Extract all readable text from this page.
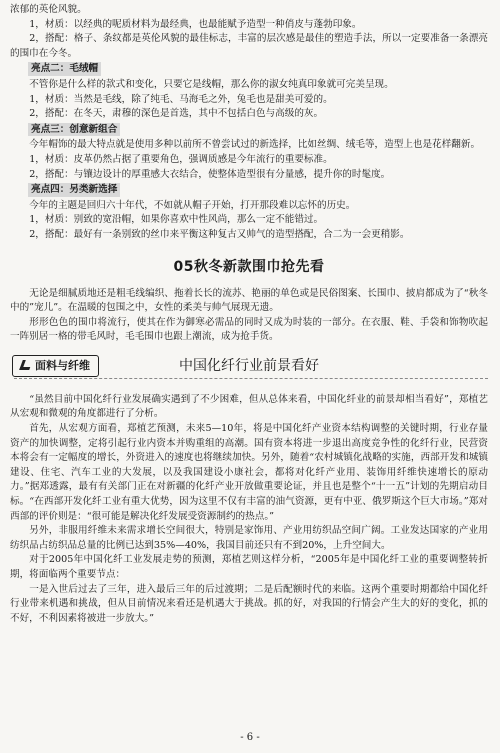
浓郁的英伦风貌。

1，材质：以经典的呢质材料为最经典，也最能赋予造型一种俏皮与蓬勃印象。

2，搭配：格子、条纹都是英伦风貌的最佳标志，丰富的层次感是最佳的塑造手法，所以一定要准备一条漂亮的围巾在今冬。

亮点二：毛绒帽

不管你是什么样的款式和变化，只要它是线帽，那么你的淑女纯真印象就可完美呈现。

1，材质：当然是毛线，除了纯毛、马海毛之外，兔毛也是甜美可爱的。

2，搭配：在冬天，肃穆的深色是首选，其中不包括白色与高级的灰。

亮点三：创意新组合

今年帽饰的最大特点就是使用多种以前所不曾尝试过的新选择，比如丝绸、绒毛等，造型上也是花样翻新。

1，材质：皮革仍然占据了重要角色，强调质感是今年流行的重要标准。

2，搭配：与镶边设计的厚重感大衣结合，使整体造型很有分量感，提升你的时髦度。

亮点四：另类新选择

今年的主题是回归六十年代，不如就从帽子开始，打开那段难以忘怀的历史。

1，材质：别致的宽沿帽，如果你喜欢中性风尚，那么一定不能错过。

2，搭配：最好有一条别致的丝巾来平衡这种复古又帅气的造型搭配，合二为一会更稍影。

05秋冬新款围巾抢先看

无论是细腻质地还是粗毛线编织、拖着长长的流苏、艳丽的单色或是民俗图案、长围巾、披肩都成为了“秋冬中的”宠儿”。在温暖的包围之中，女性的柔美与帅气展现无遗。

形形色色的围巾将流行，使其在作为御寒必需品的同时又成为时装的一部分。在衣服、鞋、手袋和饰物吹起一阵别居一格的带毛风时，毛毛围巾也跟上潮流，成为抢手货。

面料与纤维	中国化纤行业前景看好

“虽然目前中国化纤行业发展确实遇到了不少困难，但从总体来看，中国化纤业的前景却相当看好”，郑植艺从宏观和微观的角度都进行了分析。

首先，从宏观方面看，郑植艺预测，未来5—10年，将是中国化纤产业资本结构调整的关键时期，行业存量资产的加快调整，定将引起行业内资本并购重组的高潮。国有资本将进一步退出高度竞争性的化纤行业，民营资本将会有一定幅度的增长，外资进入的速度也将继续加快。另外，随着“农村城镇化战略的实施，西部开发和城镇建设、住宅、汽车工业的大发展，以及我国建设小康社会，都将对化纤产业用、装饰用纤维快速增长的原动力。”据郑透露，最有有关部门正在对新疆的化纤产业开放做重要论证，并且也是整个“十一五”计划的先期启动目标。“在西部开发化纤工业有重大优势，因为这里不仅有丰富的油气资源，更有中亚、俄罗斯这个巨大市场。”郑对西部的评价则是：“很可能是解决化纤发展受资源制约的热点。”

另外，非服用纤维未来需求增长空间很大，特别是家饰用、产业用纺织品空间广阔。工业发达国家的产业用纺织品占纺织品总量的比例已达到35%—40%，我国目前还只有不到20%，上升空间大。

对于2005年中国化纤工业发展走势的预测，郑植艺则这样分析，“2005年是中国化纤工业的重要调整转折期，将面临两个重要节点：

一是入世后过去了三年，进入最后三年的后过渡期；二是后配额时代的来临。这两个重要时期都给中国化纤行业带来机遇和挑战，但从目前情况来看还是机遇大于挑战。抓的好，对我国的行情会产生大的好的变化，抓的不好，不利因素将被进一步放大。”

- 6 -
